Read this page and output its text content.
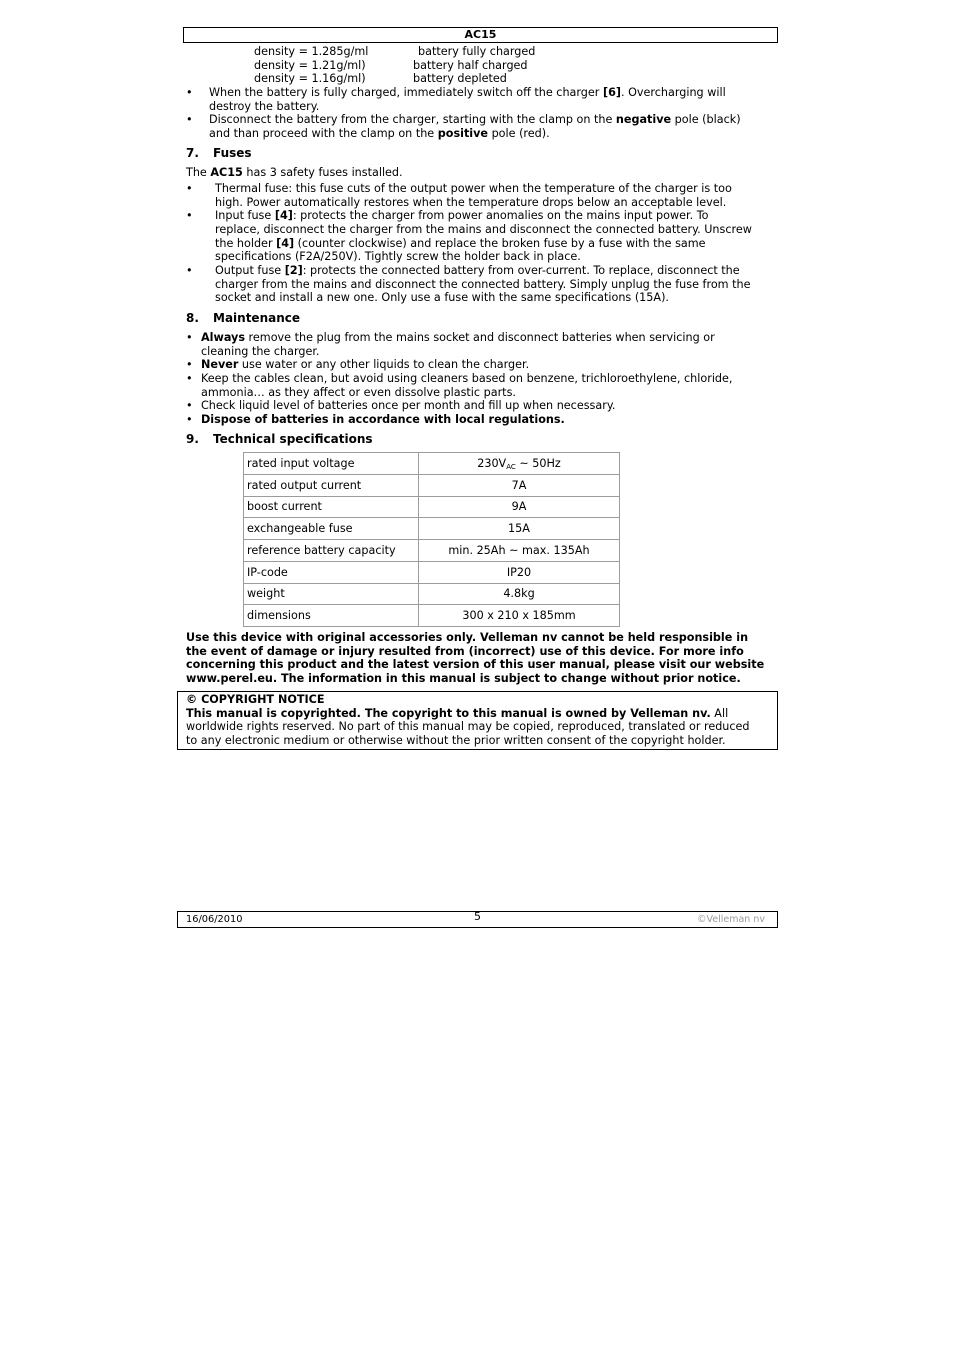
AC15
density = 1.285g/ml	battery fully charged
density = 1.21g/ml)	battery half charged
density = 1.16g/ml)	battery depleted
• When the battery is fully charged, immediately switch off the charger [6]. Overcharging will
destroy the battery.
• Disconnect the battery from the charger, starting with the clamp on the negative pole (black)
and than proceed with the clamp on the positive pole (red).
7. Fuses
The AC15 has 3 safety fuses installed.
• Thermal fuse: this fuse cuts of the output power when the temperature of the charger is too
high. Power automatically restores when the temperature drops below an acceptable level.
• Input fuse [4]: protects the charger from power anomalies on the mains input power. To
replace, disconnect the charger from the mains and disconnect the connected battery. Unscrew
the holder [4] (counter clockwise) and replace the broken fuse by a fuse with the same
specifications (F2A/250V). Tightly screw the holder back in place.
• Output fuse [2]: protects the connected battery from over-current. To replace, disconnect the
charger from the mains and disconnect the connected battery. Simply unplug the fuse from the
socket and install a new one. Only use a fuse with the same specifications (15A).
8. Maintenance
• Always remove the plug from the mains socket and disconnect batteries when servicing or
cleaning the charger.
• Never use water or any other liquids to clean the charger.
• Keep the cables clean, but avoid using cleaners based on benzene, trichloroethylene, chloride,
ammonia… as they affect or even dissolve plastic parts.
• Check liquid level of batteries once per month and fill up when necessary.
• Dispose of batteries in accordance with local regulations.
9. Technical specifications
rated input voltage	$230V_{AC}$ ~ 50Hz
rated output current	7A
boost current	9A
exchangeable fuse	15A
reference battery capacity	min. 25Ah ~ max. 135Ah
IP-code	IP20
weight	4.8kg
dimensions	300 x 210 x 185mm
Use this device with original accessories only. Velleman nv cannot be held responsible in
the event of damage or injury resulted from (incorrect) use of this device. For more info
concerning this product and the latest version of this user manual, please visit our website
www.perel.eu. The information in this manual is subject to change without prior notice.
© COPYRIGHT NOTICE
This manual is copyrighted. The copyright to this manual is owned by Velleman nv. All
worldwide rights reserved. No part of this manual may be copied, reproduced, translated or reduced
to any electronic medium or otherwise without the prior written consent of the copyright holder.
16/06/2010	5	©Velleman nv
